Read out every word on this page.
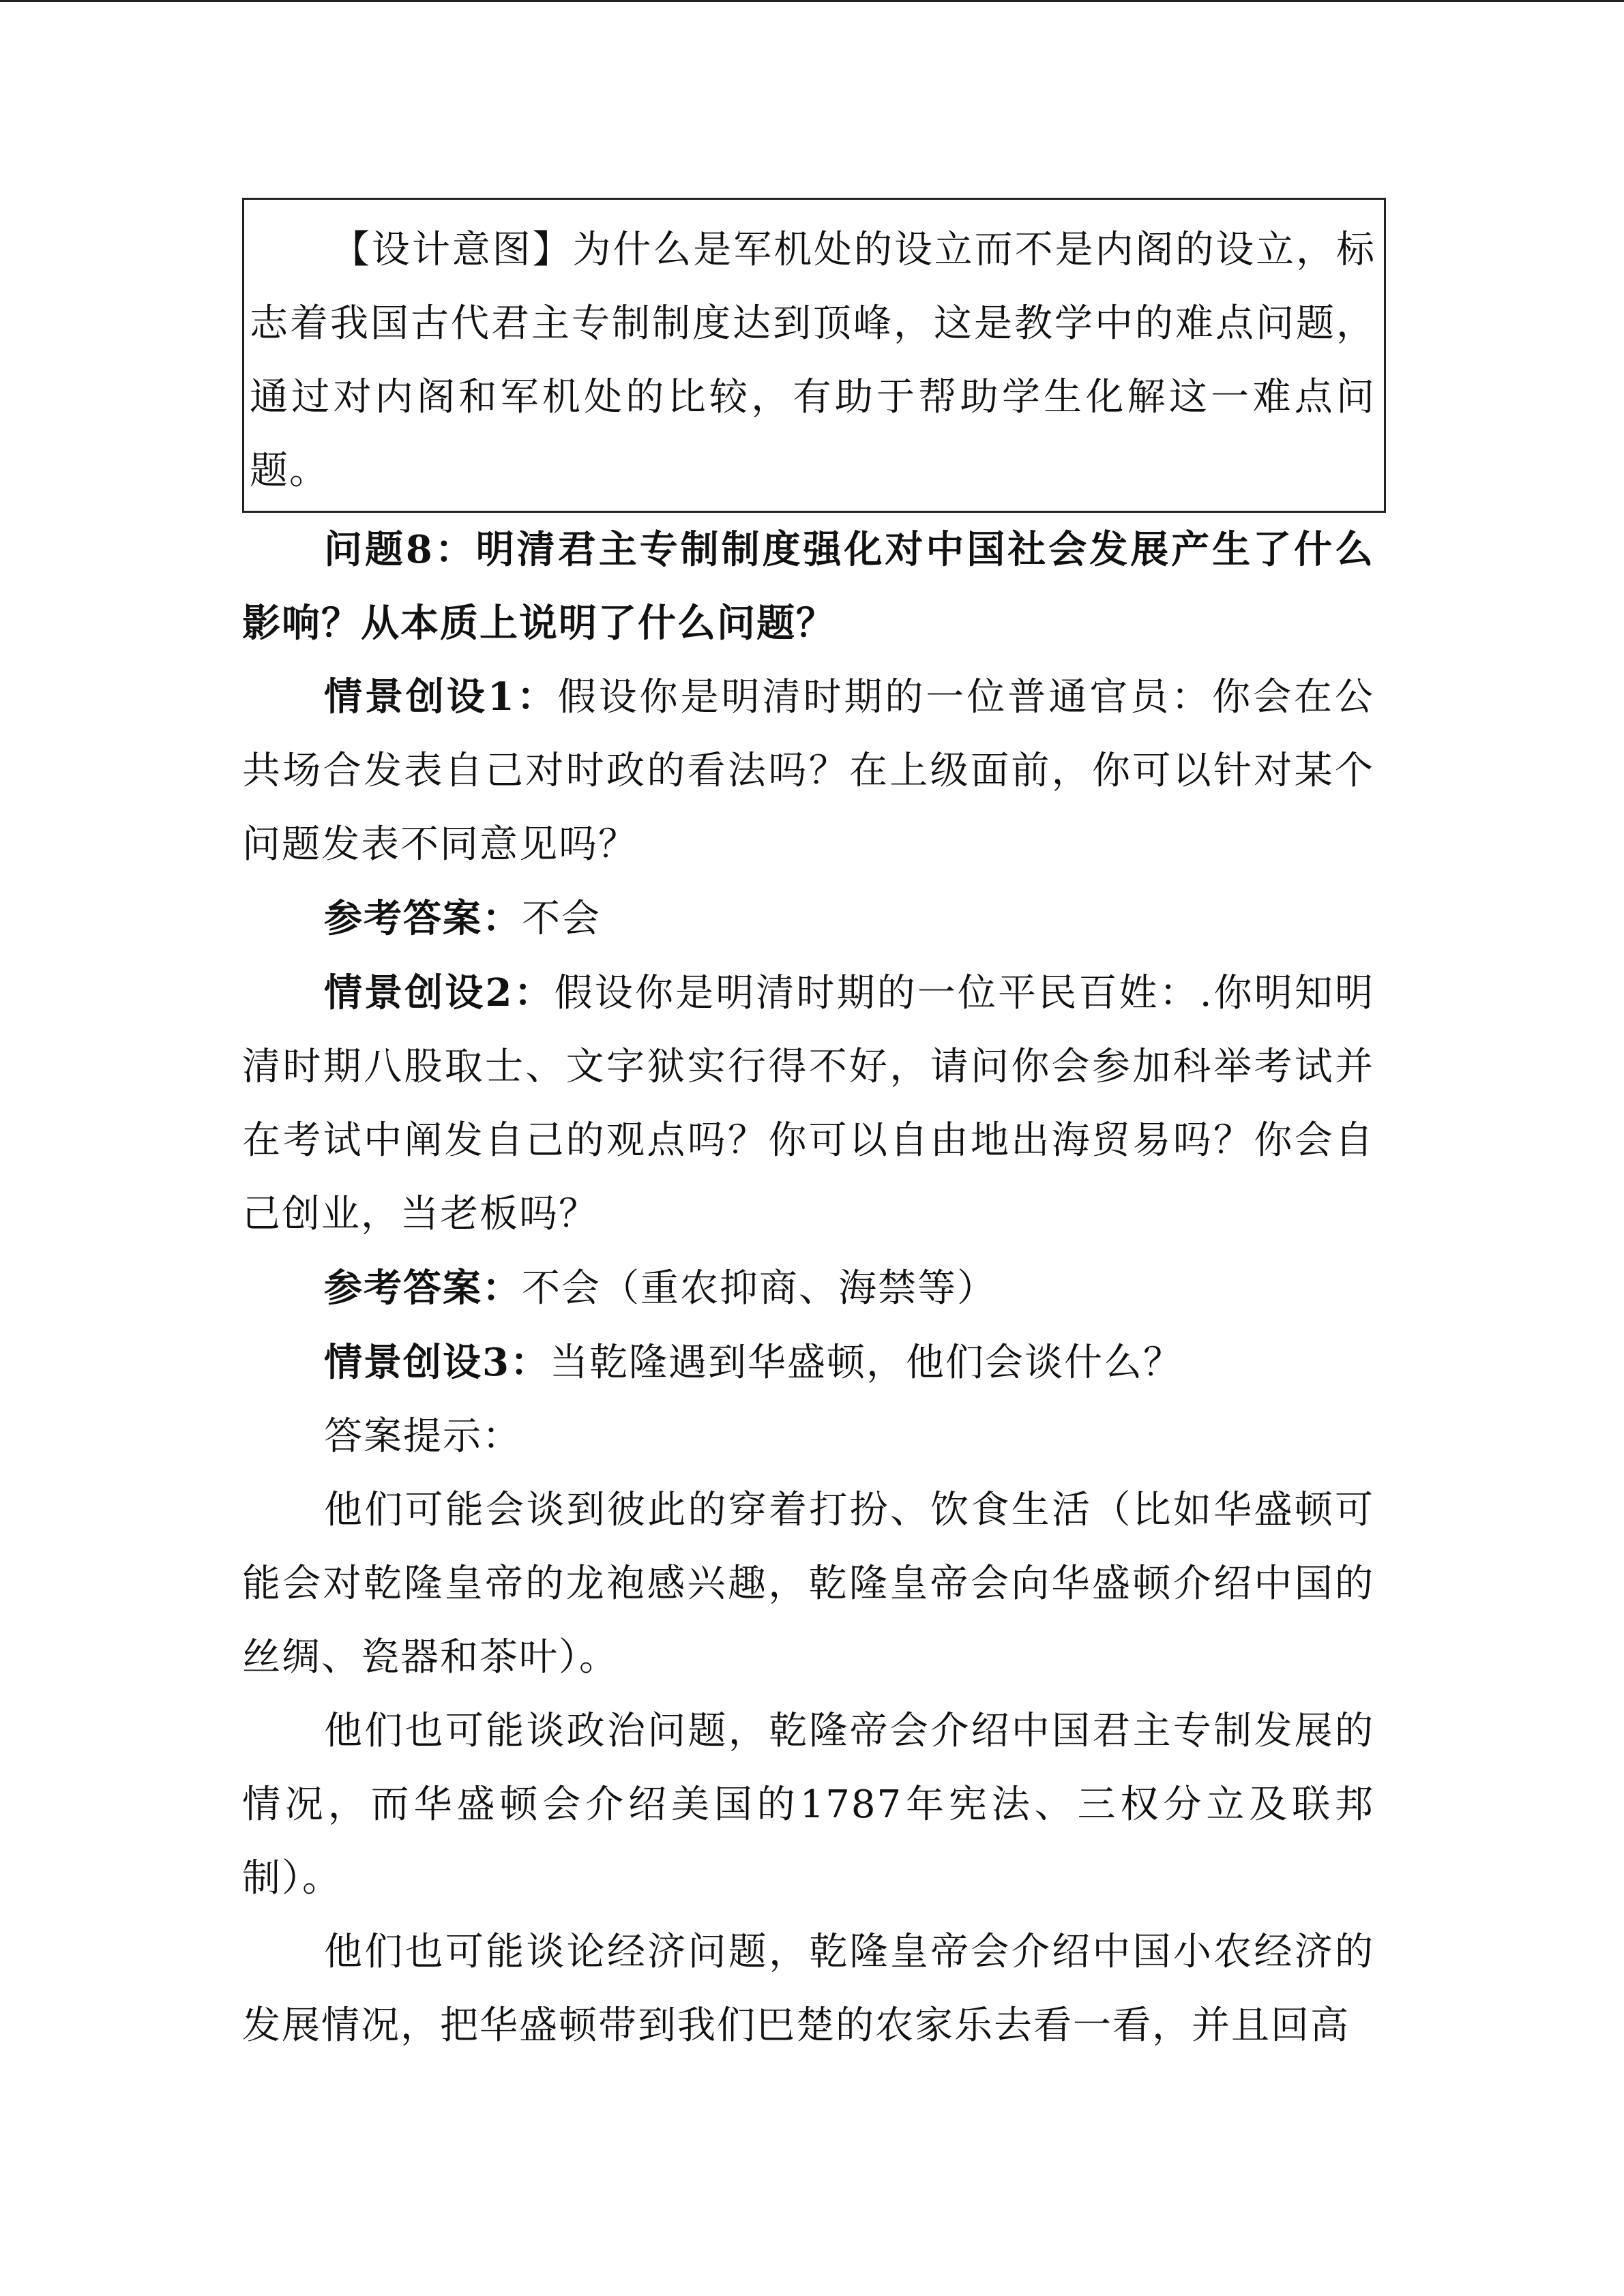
【设计意图】为什么是军机处的设立而不是内阁的设立，标志着我国古代君主专制制度达到顶峰，这是教学中的难点问题，通过对内阁和军机处的比较，有助于帮助学生化解这一难点问题。

问题8：明清君主专制制度强化对中国社会发展产生了什么影响？从本质上说明了什么问题？

情景创设1：假设你是明清时期的一位普通官员：你会在公共场合发表自己对时政的看法吗？在上级面前，你可以针对某个问题发表不同意见吗？

参考答案：不会

情景创设2：假设你是明清时期的一位平民百姓：.你明知明清时期八股取士、文字狱实行得不好，请问你会参加科举考试并在考试中阐发自己的观点吗？你可以自由地出海贸易吗？你会自己创业，当老板吗？

参考答案：不会（重农抑商、海禁等）

情景创设3：当乾隆遇到华盛顿，他们会谈什么？

答案提示：

他们可能会谈到彼此的穿着打扮、饮食生活（比如华盛顿可能会对乾隆皇帝的龙袍感兴趣，乾隆皇帝会向华盛顿介绍中国的丝绸、瓷器和茶叶）。

他们也可能谈政治问题，乾隆帝会介绍中国君主专制发展的情况，而华盛顿会介绍美国的1787年宪法、三权分立及联邦制）。

他们也可能谈论经济问题，乾隆皇帝会介绍中国小农经济的发展情况，把华盛顿带到我们巴楚的农家乐去看一看，并且回高
